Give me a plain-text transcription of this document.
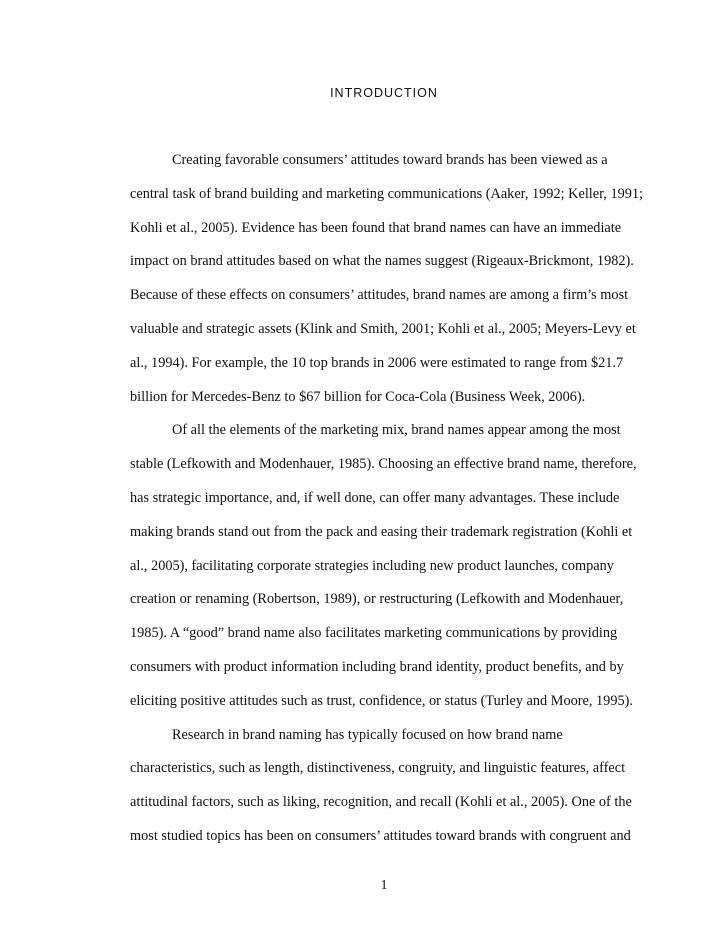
INTRODUCTION
Creating favorable consumers’ attitudes toward brands has been viewed as a
central task of brand building and marketing communications (Aaker, 1992; Keller, 1991;
Kohli et al., 2005). Evidence has been found that brand names can have an immediate
impact on brand attitudes based on what the names suggest (Rigeaux-Brickmont, 1982).
Because of these effects on consumers’ attitudes, brand names are among a firm’s most
valuable and strategic assets (Klink and Smith, 2001; Kohli et al., 2005; Meyers-Levy et
al., 1994). For example, the 10 top brands in 2006 were estimated to range from $21.7
billion for Mercedes-Benz to $67 billion for Coca-Cola (Business Week, 2006).
Of all the elements of the marketing mix, brand names appear among the most
stable (Lefkowith and Modenhauer, 1985). Choosing an effective brand name, therefore,
has strategic importance, and, if well done, can offer many advantages. These include
making brands stand out from the pack and easing their trademark registration (Kohli et
al., 2005), facilitating corporate strategies including new product launches, company
creation or renaming (Robertson, 1989), or restructuring (Lefkowith and Modenhauer,
1985). A “good” brand name also facilitates marketing communications by providing
consumers with product information including brand identity, product benefits, and by
eliciting positive attitudes such as trust, confidence, or status (Turley and Moore, 1995).
Research in brand naming has typically focused on how brand name
characteristics, such as length, distinctiveness, congruity, and linguistic features, affect
attitudinal factors, such as liking, recognition, and recall (Kohli et al., 2005). One of the
most studied topics has been on consumers’ attitudes toward brands with congruent and
1
